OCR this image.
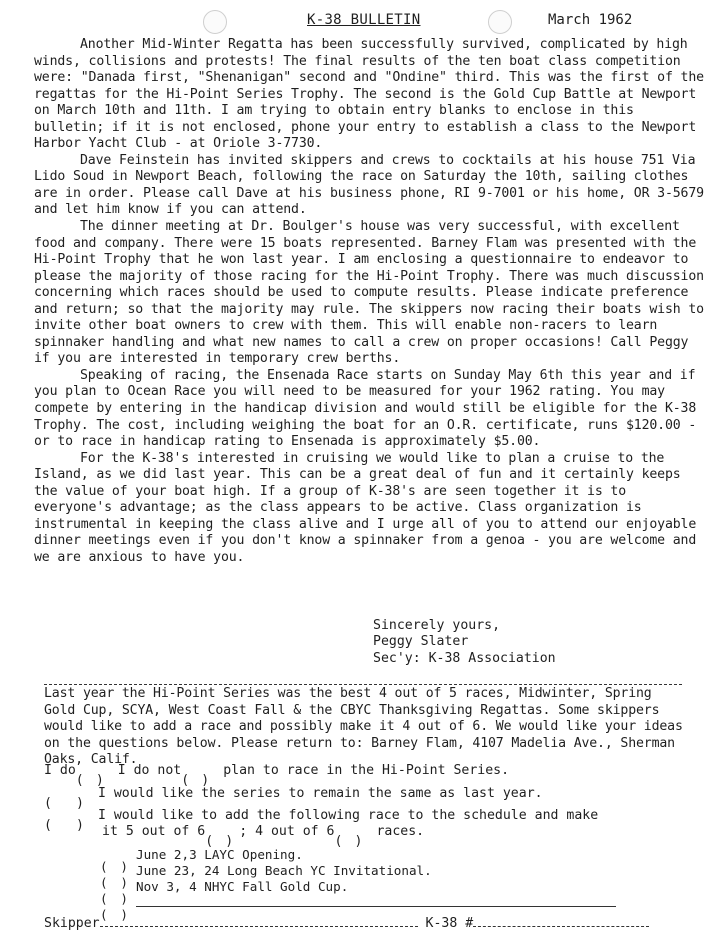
K-38 BULLETIN	March 1962

Another Mid-Winter Regatta has been successfully survived, complicated by high winds, collisions and protests! The final results of the ten boat class competition were: "Danada first, "Shenanigan" second and "Ondine" third. This was the first of the regattas for the Hi-Point Series Trophy. The second is the Gold Cup Battle at Newport on March 10th and 11th. I am trying to obtain entry blanks to enclose in this bulletin; if it is not enclosed, phone your entry to establish a class to the Newport Harbor Yacht Club - at Oriole 3-7730.

Dave Feinstein has invited skippers and crews to cocktails at his house 751 Via Lido Soud in Newport Beach, following the race on Saturday the 10th, sailing clothes are in order. Please call Dave at his business phone, RI 9-7001 or his home, OR 3-5679 and let him know if you can attend.

The dinner meeting at Dr. Boulger's house was very successful, with excellent food and company. There were 15 boats represented. Barney Flam was presented with the Hi-Point Trophy that he won last year. I am enclosing a questionnaire to endeavor to please the majority of those racing for the Hi-Point Trophy. There was much discussion concerning which races should be used to compute results. Please indicate preference and return; so that the majority may rule. The skippers now racing their boats wish to invite other boat owners to crew with them. This will enable non-racers to learn spinnaker handling and what new names to call a crew on proper occasions! Call Peggy if you are interested in temporary crew berths.

Speaking of racing, the Ensenada Race starts on Sunday May 6th this year and if you plan to Ocean Race you will need to be measured for your 1962 rating. You may compete by entering in the handicap division and would still be eligible for the K-38 Trophy. The cost, including weighing the boat for an O.R. certificate, runs $120.00 - or to race in handicap rating to Ensenada is approximately $5.00.

For the K-38's interested in cruising we would like to plan a cruise to the Island, as we did last year. This can be a great deal of fun and it certainly keeps the value of your boat high. If a group of K-38's are seen together it is to everyone's advantage; as the class appears to be active. Class organization is instrumental in keeping the class alive and I urge all of you to attend our enjoyable dinner meetings even if you don't know a spinnaker from a genoa - you are welcome and we are anxious to have you.

Sincerely yours,
Peggy Slater
Sec'y: K-38 Association
Last year the Hi-Point Series was the best 4 out of 5 races, Midwinter, Spring Gold Cup, SCYA, West Coast Fall & the CBYC Thanksgiving Regattas. Some skippers would like to add a race and possibly make it 4 out of 6. We would like your ideas on the questions below. Please return to: Barney Flam, 4107 Madelia Ave., Sherman Oaks, Calif.
I do	I do not	plan to race in the Hi-Point Series.
I would like the series to remain the same as last year.
I would like to add the following race to the schedule and make
it 5 out of 6	; 4 out of 6	races.
June 2,3 LAYC Opening.
June 23, 24 Long Beach YC Invitational.
Nov 3, 4 NHYC Fall Gold Cup.
Skipper	K-38 #
